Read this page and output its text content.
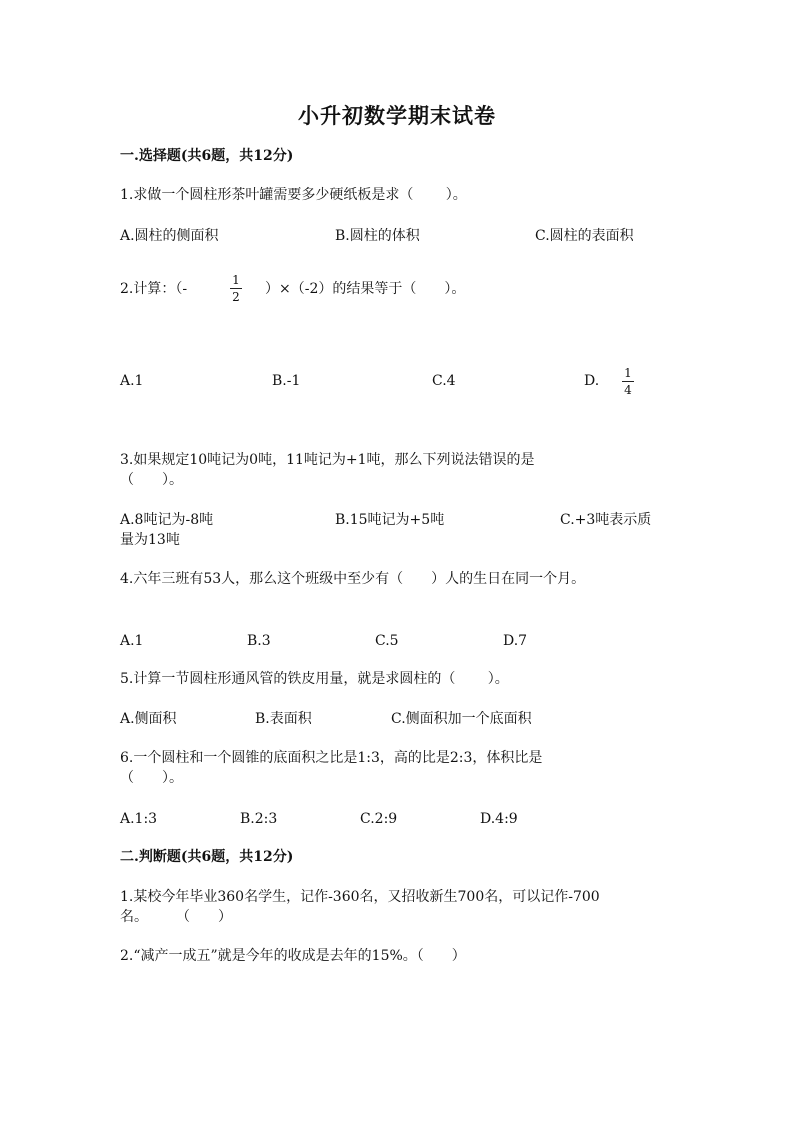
小升初数学期末试卷
一.选择题(共6题，共12分)
1.求做一个圆柱形茶叶罐需要多少硬纸板是求（　　 ）。
A.圆柱的侧面积	B.圆柱的体积	C.圆柱的表面积
2.计算：（-
1
2 ）×（-2）的结果等于（　　）。
A.1	B.-1	C.4	D. 1
4
3.如果规定10吨记为0吨，11吨记为+1吨，那么下列说法错误的是
（　　）。
A.8吨记为-8吨	B.15吨记为+5吨	C.+3吨表示质
量为13吨
4.六年三班有53人，那么这个班级中至少有（　　）人的生日在同一个月。
A.1	B.3	C.5	D.7
5.计算一节圆柱形通风管的铁皮用量，就是求圆柱的（　　 ）。
A.侧面积	B.表面积	C.侧面积加一个底面积
6.一个圆柱和一个圆锥的底面积之比是1:3，高的比是2:3，体积比是
（　　）。
A.1:3	B.2:3	C.2:9	D.4:9
二.判断题(共6题，共12分)
1.某校今年毕业360名学生，记作-360名，又招收新生700名，可以记作-700
名。　　　（　　）
2.“减产一成五”就是今年的收成是去年的15%。（　　）
